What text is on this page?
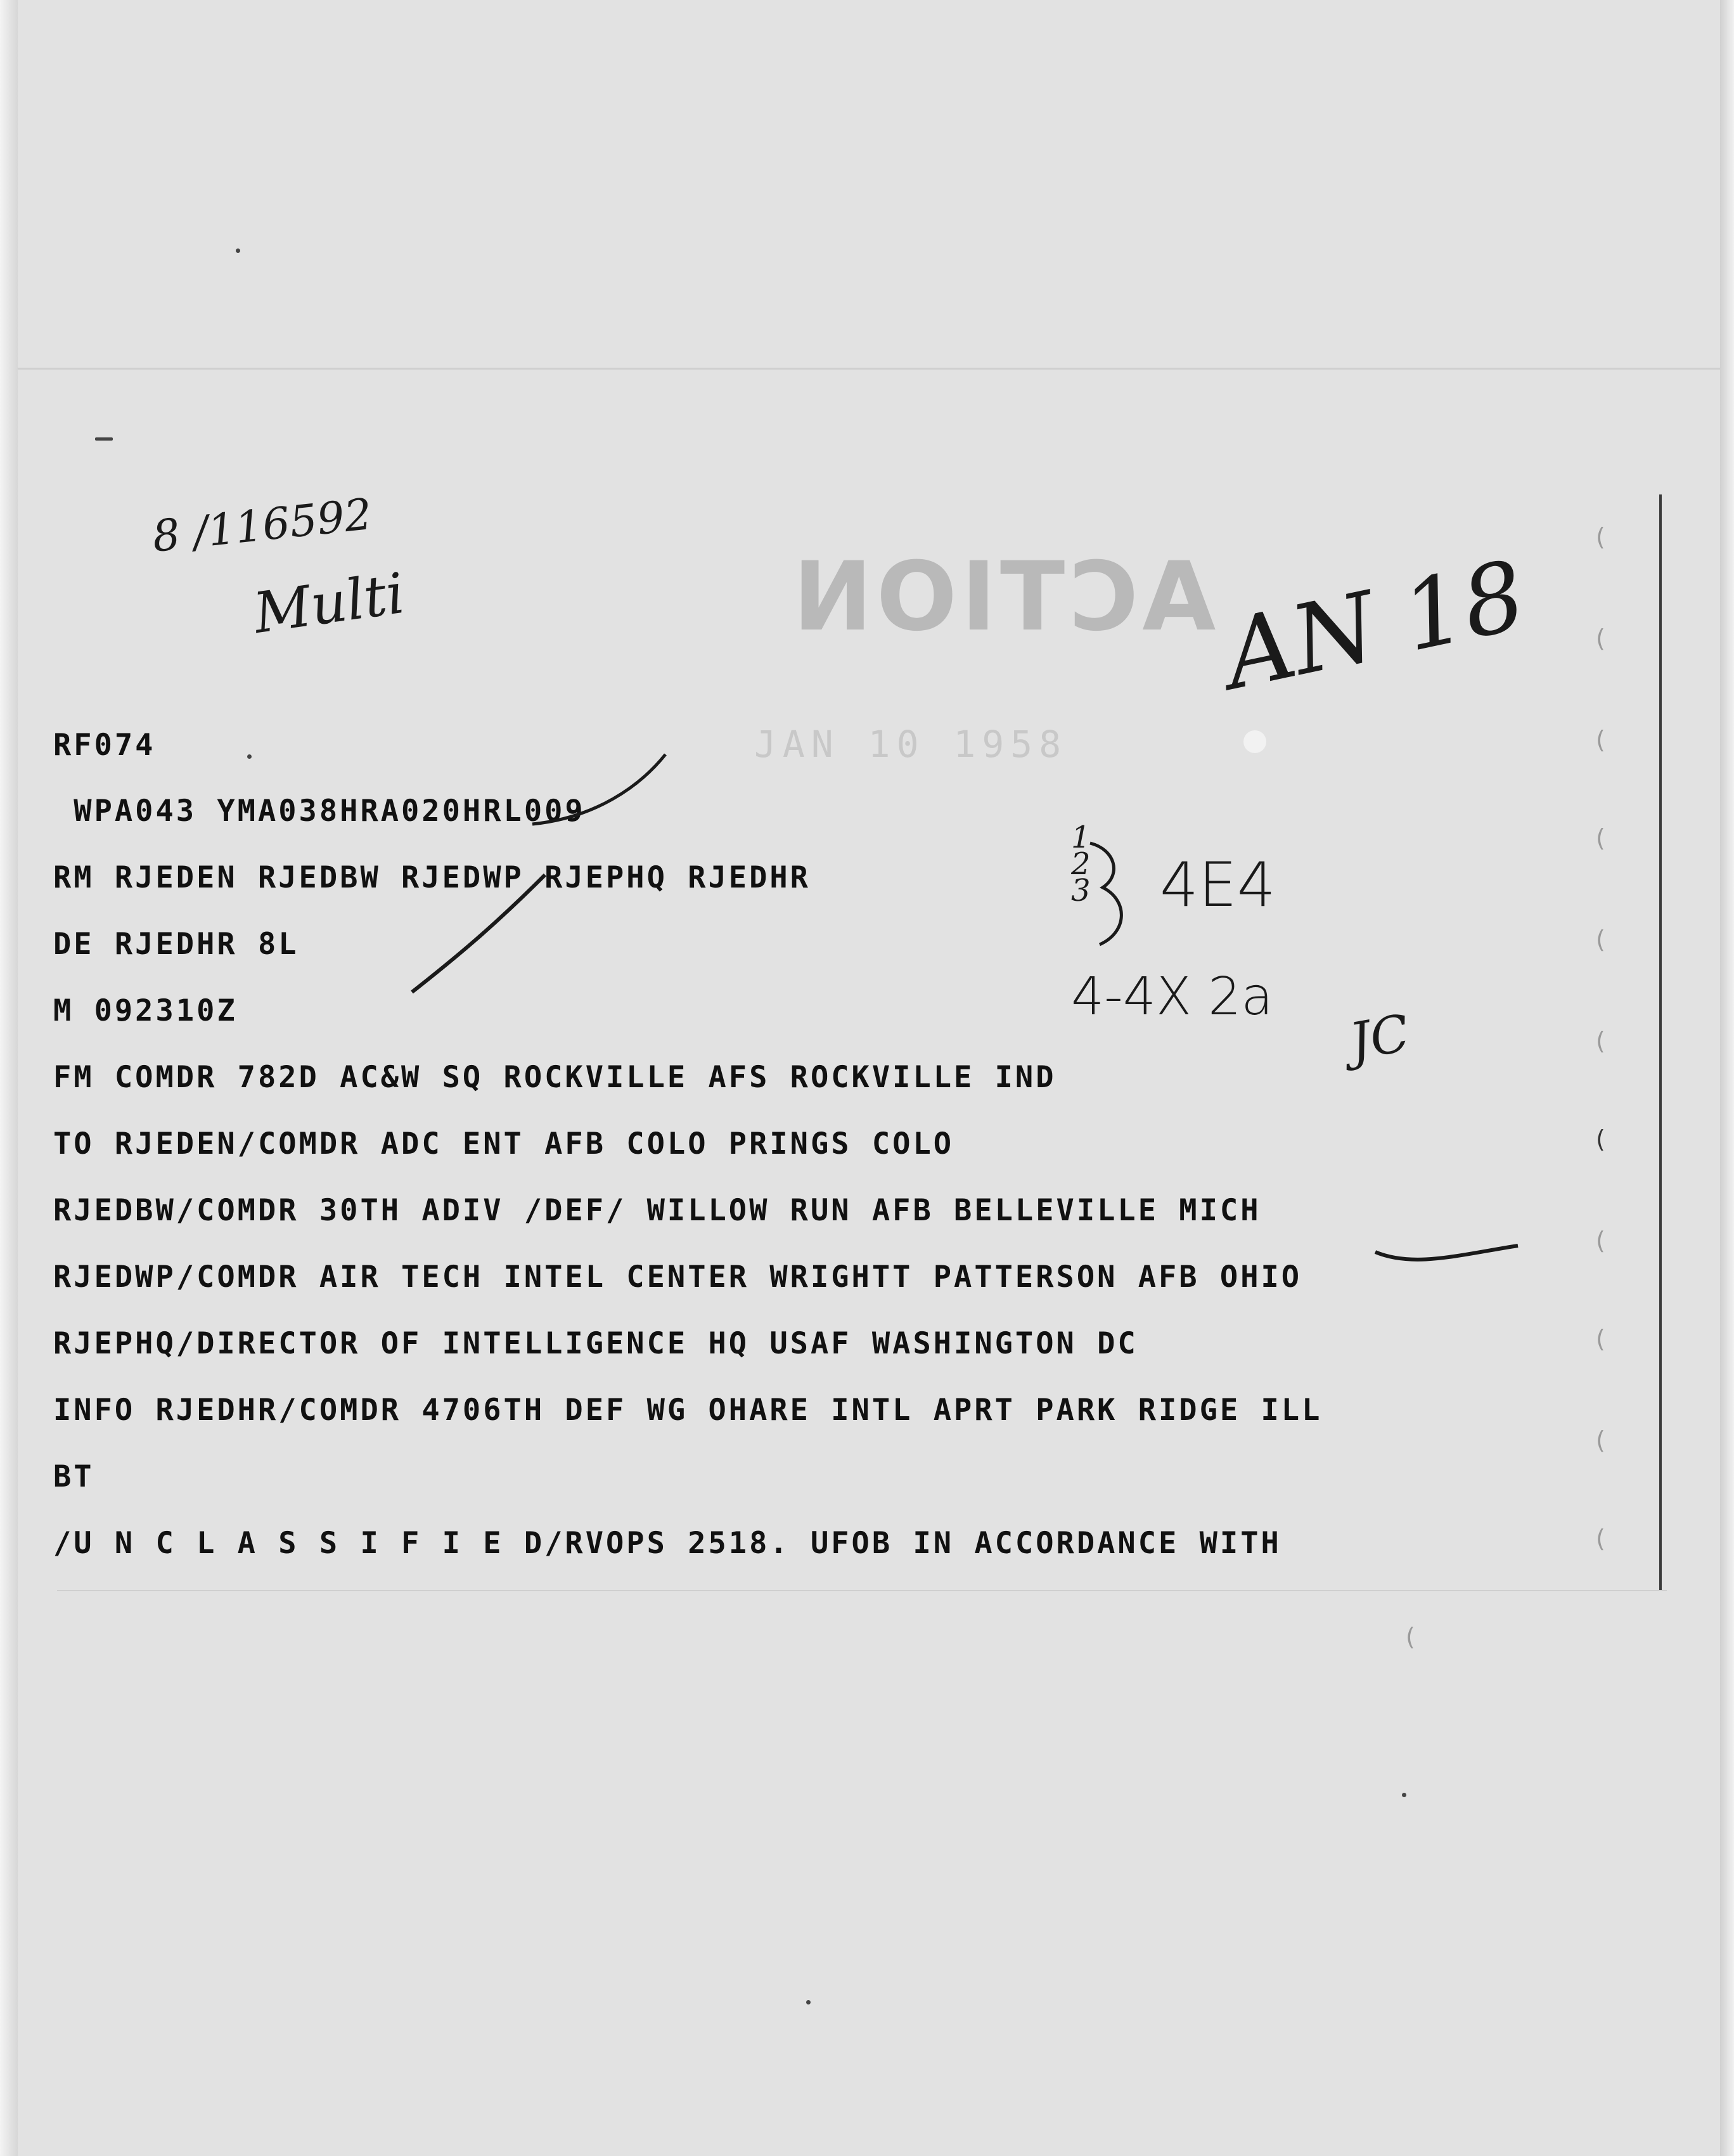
ACTION
JAN 10 1958
8 /116592
Multi	AN 18
1 2 3 4E4
4-4X 2a
JC
RF074
WPA043 YMA038HRA020HRL009
RM RJEDEN RJEDBW RJEDWP RJEPHQ RJEDHR
DE RJEDHR 8L
M 092310Z
FM COMDR 782D AC&W SQ ROCKVILLE AFS ROCKVILLE IND
TO RJEDEN/COMDR ADC ENT AFB COLO PRINGS COLO
RJEDBW/COMDR 30TH ADIV /DEF/ WILLOW RUN AFB BELLEVILLE MICH
RJEDWP/COMDR AIR TECH INTEL CENTER WRIGHTT PATTERSON AFB OHIO
RJEPHQ/DIRECTOR OF INTELLIGENCE HQ USAF WASHINGTON DC
INFO RJEDHR/COMDR 4706TH DEF WG OHARE INTL APRT PARK RIDGE ILL
BT
/U N C L A S S I F I E D/RVOPS 2518. UFOB IN ACCORDANCE WITH
(
(
(
(
(
(
(
(
(
(
(
(
